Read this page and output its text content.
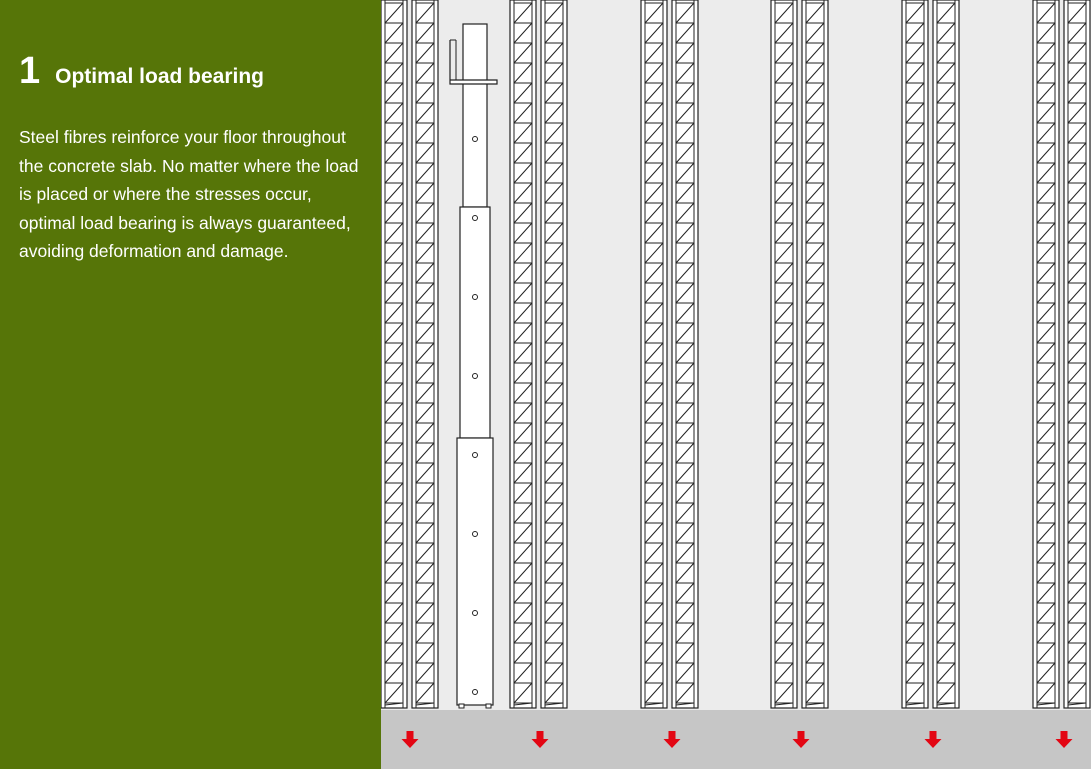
1 Optimal load bearing

Steel fibres reinforce your floor throughout the concrete slab. No matter where the load is placed or where the stresses occur, optimal load bearing is always guaranteed, avoiding deformation and damage.
